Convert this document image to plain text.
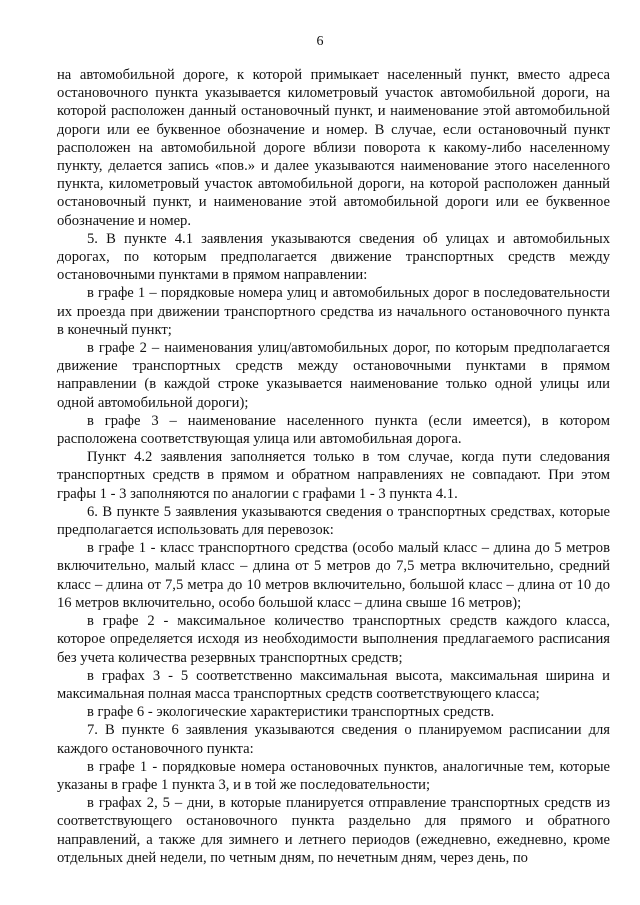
6

на автомобильной дороге, к которой примыкает населенный пункт, вместо адреса остановочного пункта указывается километровый участок автомобильной дороги, на которой расположен данный остановочный пункт, и наименование этой автомобильной дороги или ее буквенное обозначение и номер. В случае, если остановочный пункт расположен на автомобильной дороге вблизи поворота к какому-либо населенному пункту, делается запись «пов.» и далее указываются наименование этого населенного пункта, километровый участок автомобильной дороги, на которой расположен данный остановочный пункт, и наименование этой автомобильной дороги или ее буквенное обозначение и номер.

5. В пункте 4.1 заявления указываются сведения об улицах и автомобильных дорогах, по которым предполагается движение транспортных средств между остановочными пунктами в прямом направлении:

в графе 1 – порядковые номера улиц и автомобильных дорог в последовательности их проезда при движении транспортного средства из начального остановочного пункта в конечный пункт;

в графе 2 – наименования улиц/автомобильных дорог, по которым предполагается движение транспортных средств между остановочными пунктами в прямом направлении (в каждой строке указывается наименование только одной улицы или одной автомобильной дороги);

в графе 3 – наименование населенного пункта (если имеется), в котором расположена соответствующая улица или автомобильная дорога.

Пункт 4.2 заявления заполняется только в том случае, когда пути следования транспортных средств в прямом и обратном направлениях не совпадают. При этом графы 1 - 3 заполняются по аналогии с графами 1 - 3 пункта 4.1.

6. В пункте 5 заявления указываются сведения о транспортных средствах, которые предполагается использовать для перевозок:

в графе 1 - класс транспортного средства (особо малый класс – длина до 5 метров включительно, малый класс – длина от 5 метров до 7,5 метра включительно, средний класс – длина от 7,5 метра до 10 метров включительно, большой класс – длина от 10 до 16 метров включительно, особо большой класс – длина свыше 16 метров);

в графе 2 - максимальное количество транспортных средств каждого класса, которое определяется исходя из необходимости выполнения предлагаемого расписания без учета количества резервных транспортных средств;

в графах 3 - 5 соответственно максимальная высота, максимальная ширина и максимальная полная масса транспортных средств соответствующего класса;

в графе 6 - экологические характеристики транспортных средств.

7. В пункте 6 заявления указываются сведения о планируемом расписании для каждого остановочного пункта:

в графе 1 - порядковые номера остановочных пунктов, аналогичные тем, которые указаны в графе 1 пункта 3, и в той же последовательности;

в графах 2, 5 – дни, в которые планируется отправление транспортных средств из соответствующего остановочного пункта раздельно для прямого и обратного направлений, а также для зимнего и летнего периодов (ежедневно, ежедневно, кроме отдельных дней недели, по четным дням, по нечетным дням, через день, по
